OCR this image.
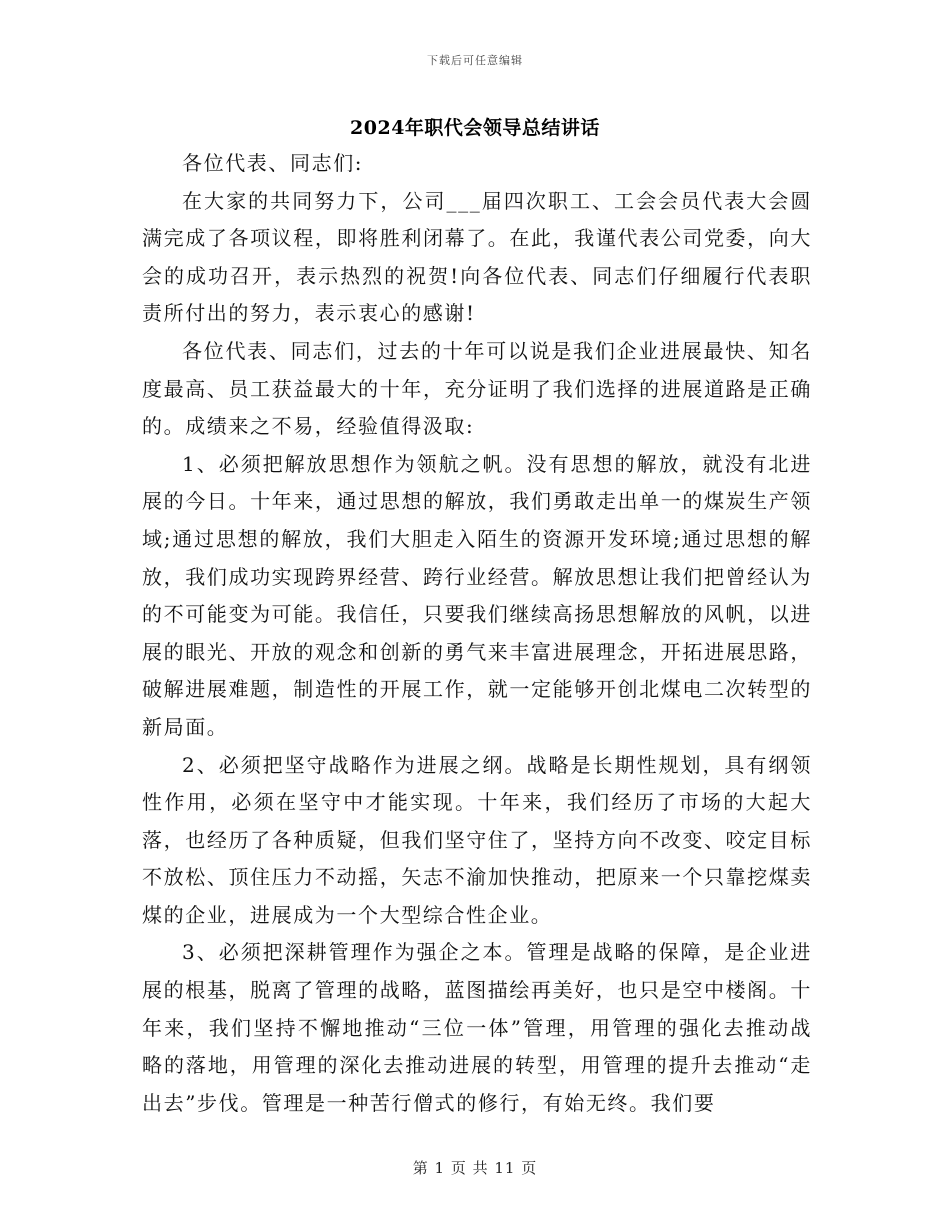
下载后可任意编辑
2024年职代会领导总结讲话

各位代表、同志们:

在大家的共同努力下，公司___届四次职工、工会会员代表大会圆满完成了各项议程，即将胜利闭幕了。在此，我谨代表公司党委，向大会的成功召开，表示热烈的祝贺!向各位代表、同志们仔细履行代表职责所付出的努力，表示衷心的感谢!

各位代表、同志们，过去的十年可以说是我们企业进展最快、知名度最高、员工获益最大的十年，充分证明了我们选择的进展道路是正确的。成绩来之不易，经验值得汲取:

1、必须把解放思想作为领航之帆。没有思想的解放，就没有北进展的今日。十年来，通过思想的解放，我们勇敢走出单一的煤炭生产领域;通过思想的解放，我们大胆走入陌生的资源开发环境;通过思想的解放，我们成功实现跨界经营、跨行业经营。解放思想让我们把曾经认为的不可能变为可能。我信任，只要我们继续高扬思想解放的风帆，以进展的眼光、开放的观念和创新的勇气来丰富进展理念，开拓进展思路，破解进展难题，制造性的开展工作，就一定能够开创北煤电二次转型的新局面。

2、必须把坚守战略作为进展之纲。战略是长期性规划，具有纲领性作用，必须在坚守中才能实现。十年来，我们经历了市场的大起大落，也经历了各种质疑，但我们坚守住了，坚持方向不改变、咬定目标不放松、顶住压力不动摇，矢志不渝加快推动，把原来一个只靠挖煤卖煤的企业，进展成为一个大型综合性企业。

3、必须把深耕管理作为强企之本。管理是战略的保障，是企业进展的根基，脱离了管理的战略，蓝图描绘再美好，也只是空中楼阁。十年来，我们坚持不懈地推动“三位一体”管理，用管理的强化去推动战略的落地，用管理的深化去推动进展的转型，用管理的提升去推动“走出去”步伐。管理是一种苦行僧式的修行，有始无终。我们要

第 1 页 共 11 页
